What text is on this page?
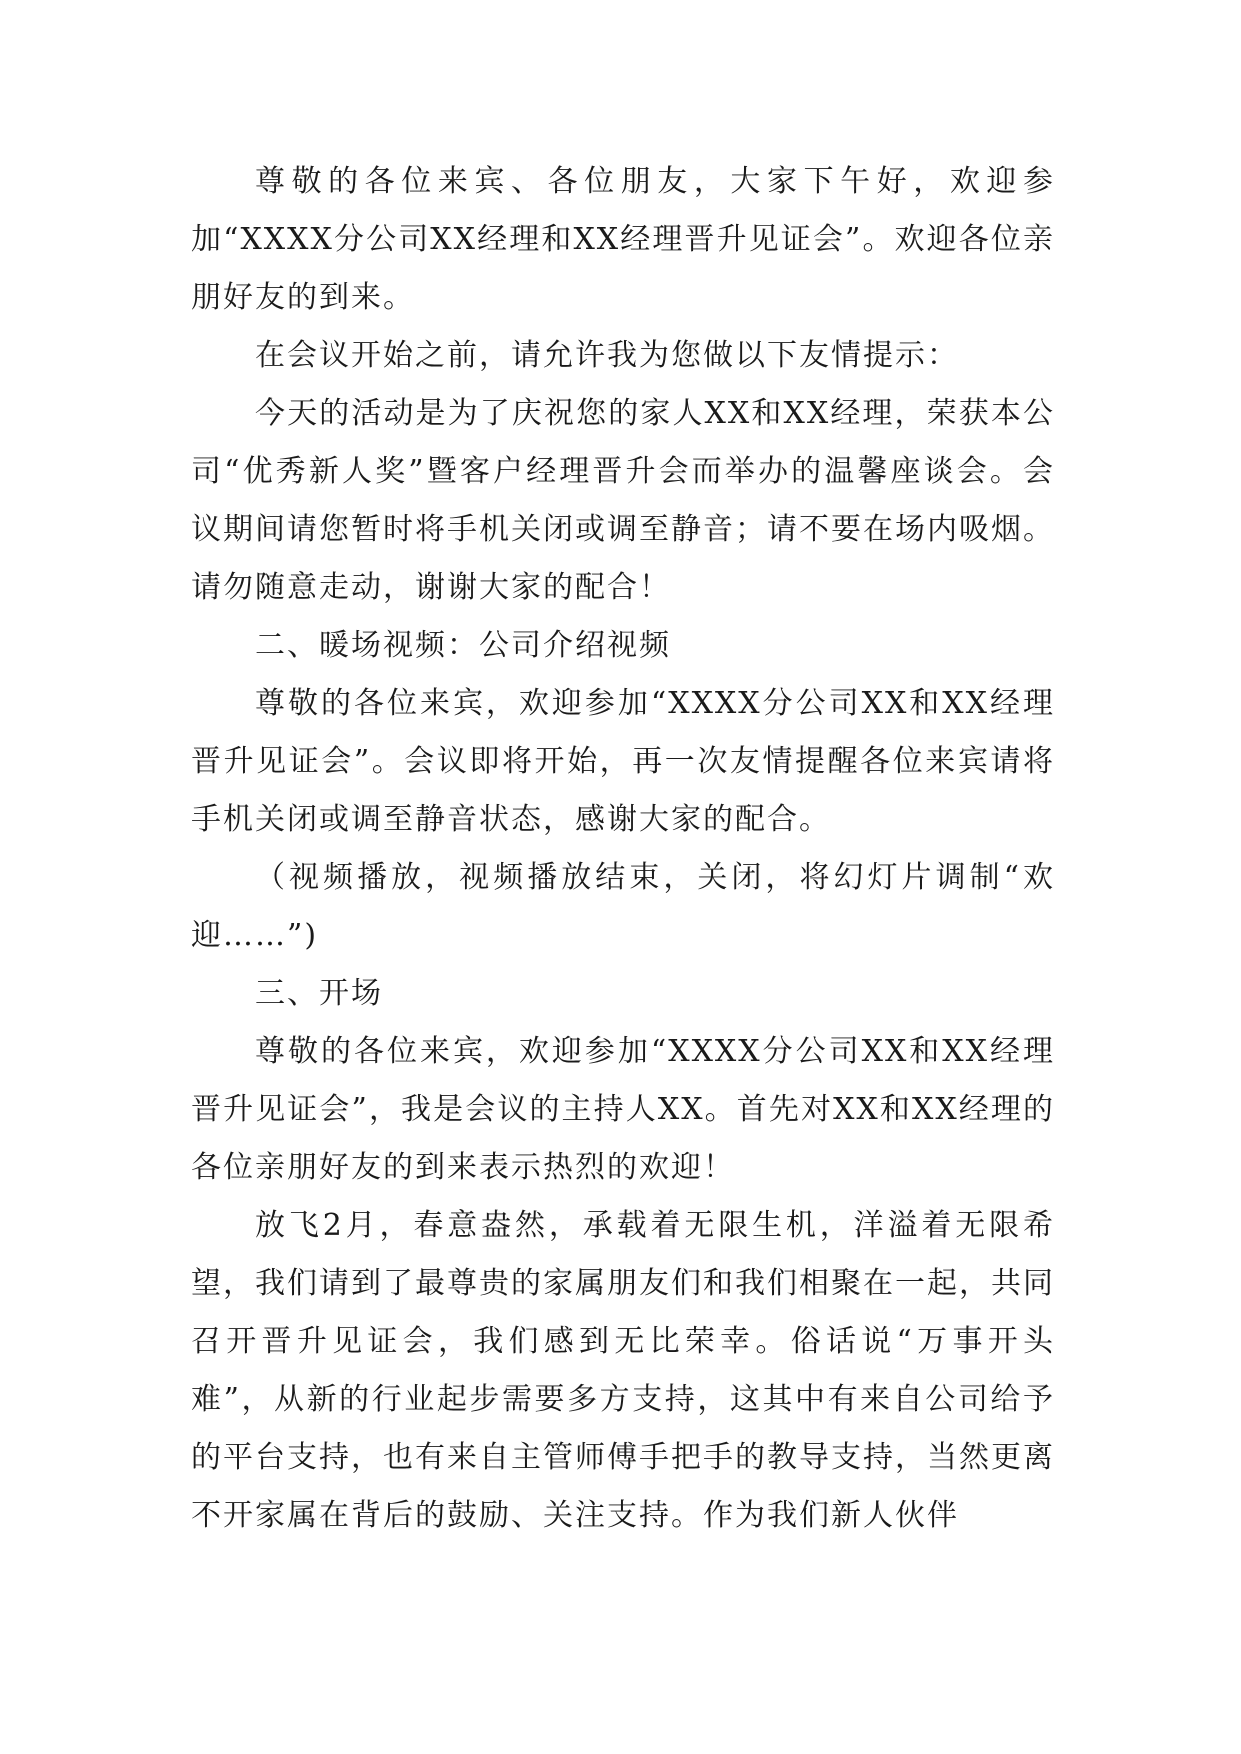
尊敬的各位来宾、各位朋友，大家下午好，欢迎参加“XXXX分公司XX经理和XX经理晋升见证会”。欢迎各位亲朋好友的到来。

在会议开始之前，请允许我为您做以下友情提示：

今天的活动是为了庆祝您的家人XX和XX经理，荣获本公司“优秀新人奖”暨客户经理晋升会而举办的温馨座谈会。会议期间请您暂时将手机关闭或调至静音；请不要在场内吸烟。请勿随意走动，谢谢大家的配合！

二、暖场视频：公司介绍视频

尊敬的各位来宾，欢迎参加“XXXX分公司XX和XX经理晋升见证会”。会议即将开始，再一次友情提醒各位来宾请将手机关闭或调至静音状态，感谢大家的配合。

（视频播放，视频播放结束，关闭，将幻灯片调制“欢迎……”)

三、开场

尊敬的各位来宾，欢迎参加“XXXX分公司XX和XX经理晋升见证会”，我是会议的主持人XX。首先对XX和XX经理的各位亲朋好友的到来表示热烈的欢迎！

放飞2月，春意盎然，承载着无限生机，洋溢着无限希望，我们请到了最尊贵的家属朋友们和我们相聚在一起，共同召开晋升见证会，我们感到无比荣幸。俗话说“万事开头难”，从新的行业起步需要多方支持，这其中有来自公司给予的平台支持，也有来自主管师傅手把手的教导支持，当然更离不开家属在背后的鼓励、关注支持。作为我们新人伙伴
